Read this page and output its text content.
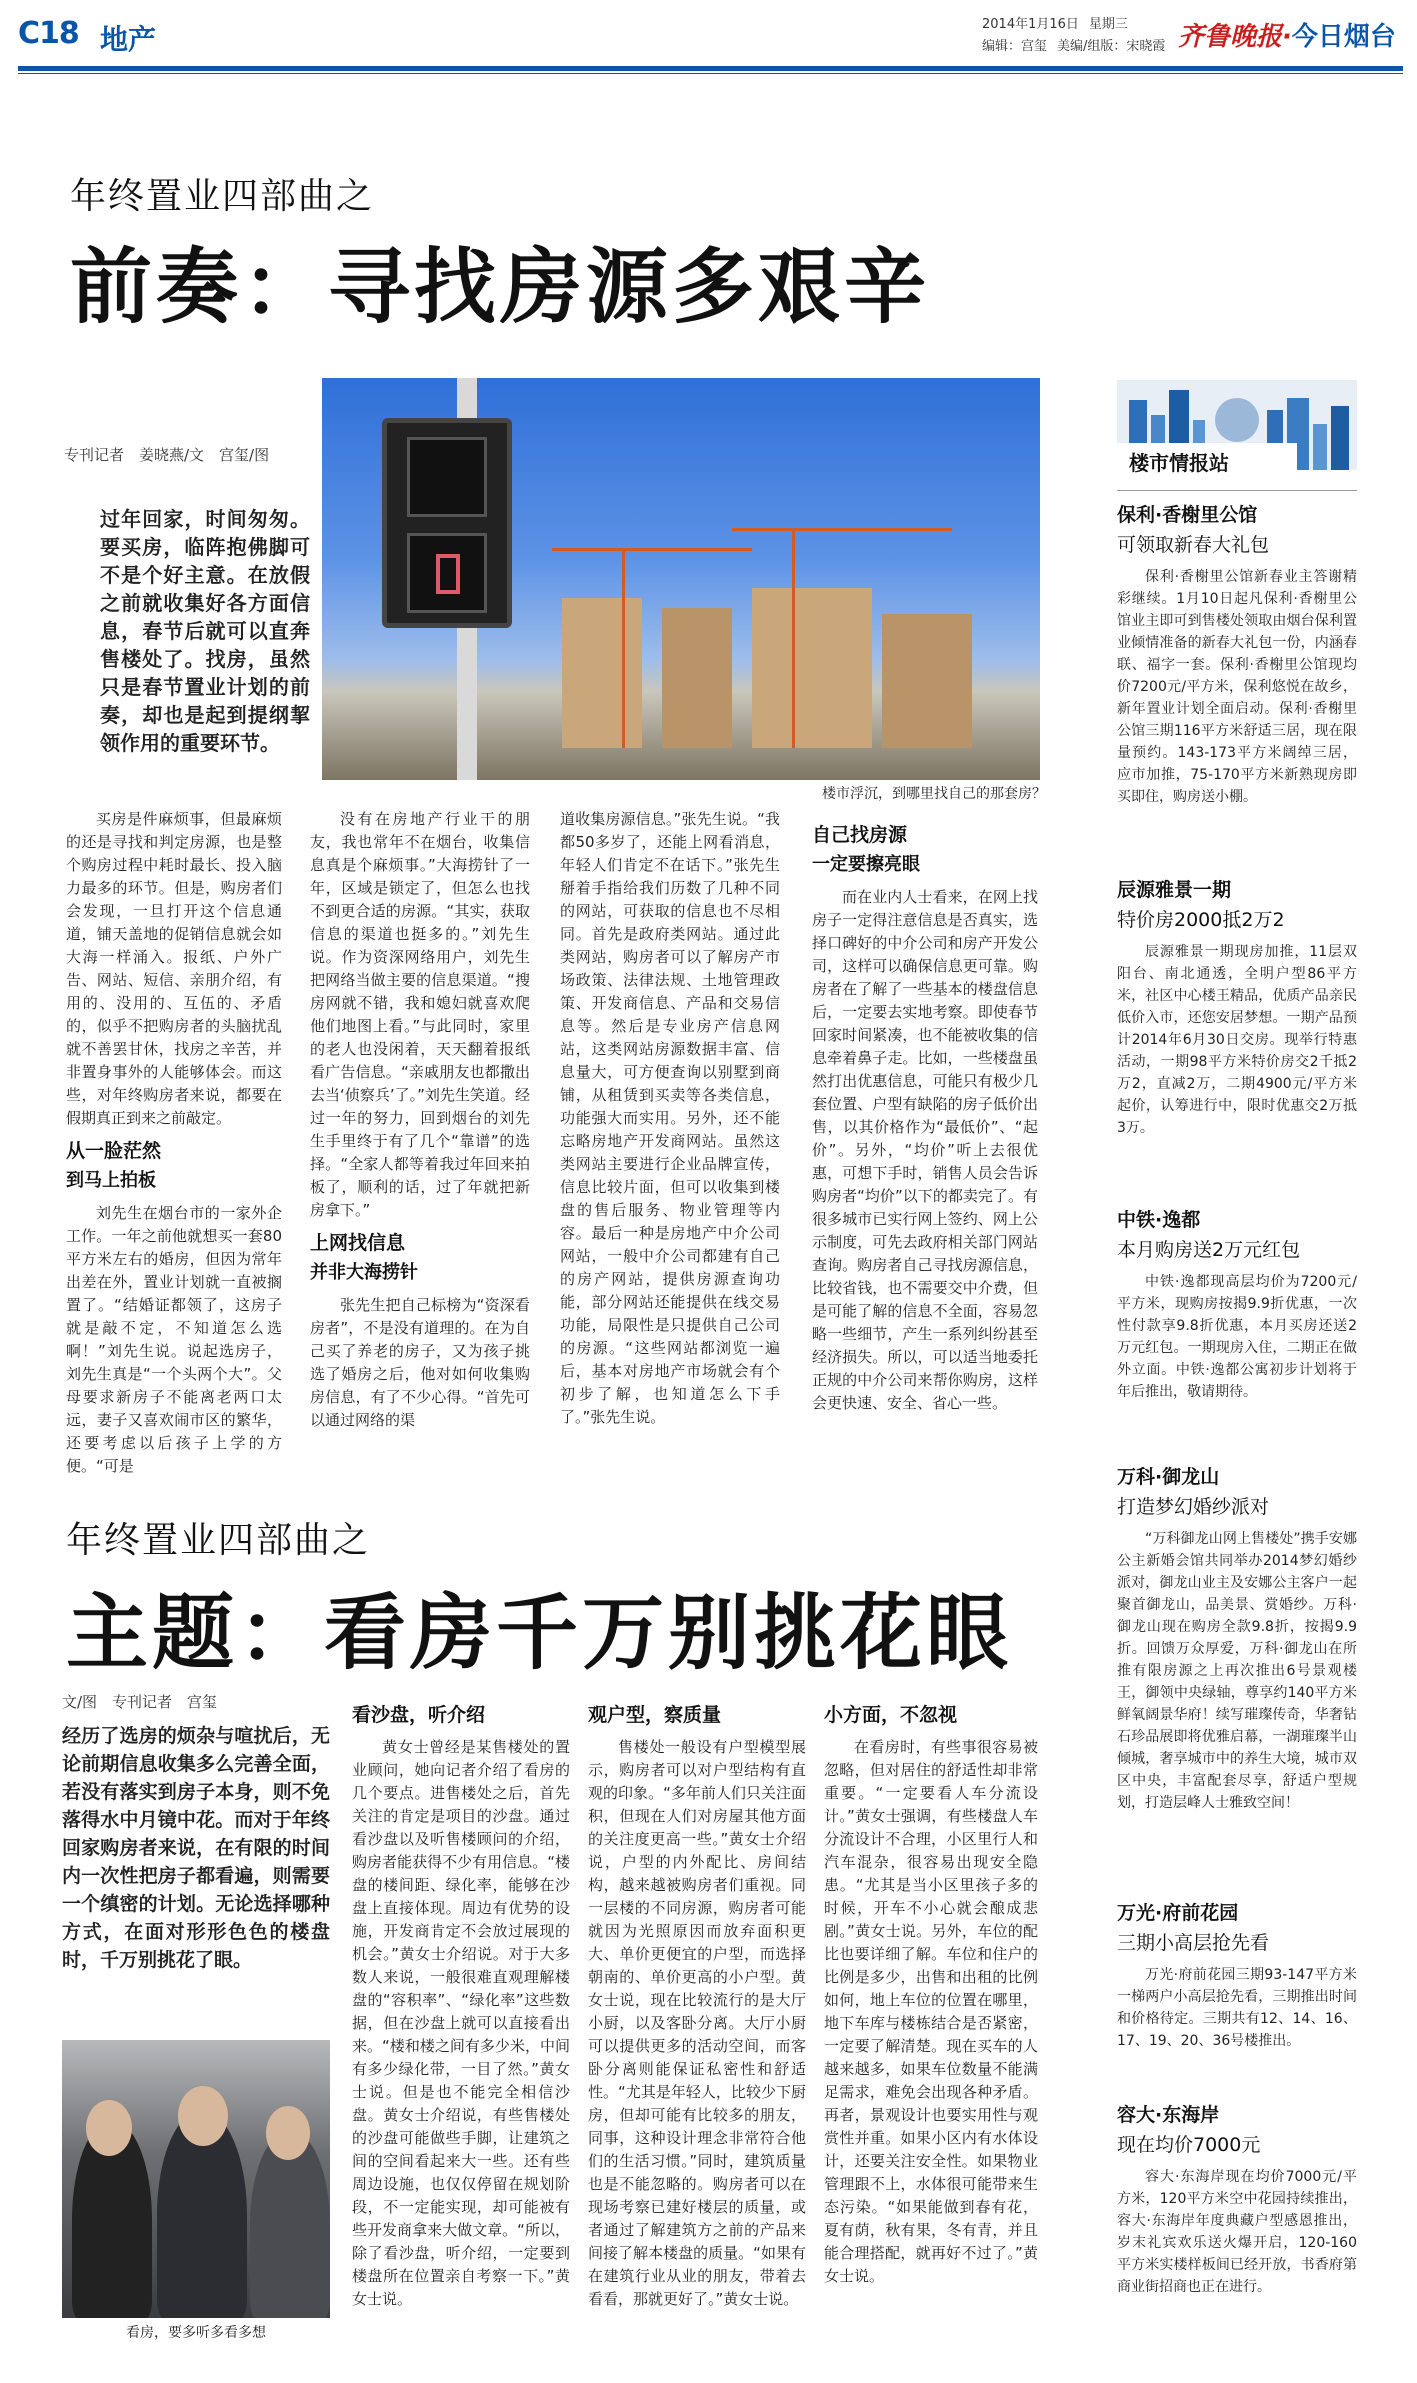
C18 地产	2014年1月16日 星期三
编辑：宫玺 美编/组版：宋晓霞 齐鲁晚报·今日烟台
年终置业四部曲之
前奏：寻找房源多艰辛
专刊记者　姜晓燕/文　宫玺/图
过年回家，时间匆匆。要买房，临阵抱佛脚可不是个好主意。在放假之前就收集好各方面信息，春节后就可以直奔售楼处了。找房，虽然只是春节置业计划的前奏，却也是起到提纲挈领作用的重要环节。
楼市浮沉，到哪里找自己的那套房？

买房是件麻烦事，但最麻烦的还是寻找和判定房源，也是整个购房过程中耗时最长、投入脑力最多的环节。但是，购房者们会发现，一旦打开这个信息通道，铺天盖地的促销信息就会如大海一样涌入。报纸、户外广告、网站、短信、亲朋介绍，有用的、没用的、互伍的、矛盾的，似乎不把购房者的头脑扰乱就不善罢甘休，找房之辛苦，并非置身事外的人能够体会。而这些，对年终购房者来说，都要在假期真正到来之前敲定。

从一脸茫然
到马上拍板

刘先生在烟台市的一家外企工作。一年之前他就想买一套80平方米左右的婚房，但因为常年出差在外，置业计划就一直被搁置了。“结婚证都领了，这房子就是敲不定，不知道怎么选啊！”刘先生说。说起选房子，刘先生真是“一个头两个大”。父母要求新房子不能离老两口太远，妻子又喜欢闹市区的繁华，还要考虑以后孩子上学的方便。“可是

没有在房地产行业干的朋友，我也常年不在烟台，收集信息真是个麻烦事。”大海捞针了一年，区域是锁定了，但怎么也找不到更合适的房源。“其实，获取信息的渠道也挺多的。”刘先生说。作为资深网络用户，刘先生把网络当做主要的信息渠道。“搜房网就不错，我和媳妇就喜欢爬他们地图上看。”与此同时，家里的老人也没闲着，天天翻着报纸看广告信息。“亲戚朋友也都撒出去当‘侦察兵’了。”刘先生笑道。经过一年的努力，回到烟台的刘先生手里终于有了几个“靠谱”的选择。“全家人都等着我过年回来拍板了，顺利的话，过了年就把新房拿下。”

上网找信息
并非大海捞针

张先生把自己标榜为“资深看房者”，不是没有道理的。在为自己买了养老的房子，又为孩子挑选了婚房之后，他对如何收集购房信息，有了不少心得。“首先可以通过网络的渠

道收集房源信息。”张先生说。“我都50多岁了，还能上网看消息，年轻人们肯定不在话下。”张先生掰着手指给我们历数了几种不同的网站，可获取的信息也不尽相同。首先是政府类网站。通过此类网站，购房者可以了解房产市场政策、法律法规、土地管理政策、开发商信息、产品和交易信息等。然后是专业房产信息网站，这类网站房源数据丰富、信息量大，可方便查询以别墅到商铺，从租赁到买卖等各类信息，功能强大而实用。另外，还不能忘略房地产开发商网站。虽然这类网站主要进行企业品牌宣传，信息比较片面，但可以收集到楼盘的售后服务、物业管理等内容。最后一种是房地产中介公司网站，一般中介公司都建有自己的房产网站，提供房源查询功能，部分网站还能提供在线交易功能，局限性是只提供自己公司的房源。“这些网站都浏览一遍后，基本对房地产市场就会有个初步了解，也知道怎么下手了。”张先生说。

自己找房源
一定要擦亮眼

而在业内人士看来，在网上找房子一定得注意信息是否真实，选择口碑好的中介公司和房产开发公司，这样可以确保信息更可靠。购房者在了解了一些基本的楼盘信息后，一定要去实地考察。即使春节回家时间紧凑，也不能被收集的信息牵着鼻子走。比如，一些楼盘虽然打出优惠信息，可能只有极少几套位置、户型有缺陷的房子低价出售，以其价格作为“最低价”、“起价”。另外，“均价”听上去很优惠，可想下手时，销售人员会告诉购房者“均价”以下的都卖完了。有很多城市已实行网上签约、网上公示制度，可先去政府相关部门网站查询。购房者自己寻找房源信息，比较省钱，也不需要交中介费，但是可能了解的信息不全面，容易忽略一些细节，产生一系列纠纷甚至经济损失。所以，可以适当地委托正规的中介公司来帮你购房，这样会更快速、安全、省心一些。

年终置业四部曲之
主题：看房千万别挑花眼
文/图　专刊记者　宫玺
经历了选房的烦杂与喧扰后，无论前期信息收集多么完善全面，若没有落实到房子本身，则不免落得水中月镜中花。而对于年终回家购房者来说，在有限的时间内一次性把房子都看遍，则需要一个缜密的计划。无论选择哪种方式，在面对形形色色的楼盘时，千万别挑花了眼。
看房，要多听多看多想
看沙盘，听介绍

黄女士曾经是某售楼处的置业顾问，她向记者介绍了看房的几个要点。进售楼处之后，首先关注的肯定是项目的沙盘。通过看沙盘以及听售楼顾问的介绍，购房者能获得不少有用信息。“楼盘的楼间距、绿化率，能够在沙盘上直接体现。周边有优势的设施，开发商肯定不会放过展现的机会。”黄女士介绍说。对于大多数人来说，一般很难直观理解楼盘的“容积率”、“绿化率”这些数据，但在沙盘上就可以直接看出来。“楼和楼之间有多少米，中间有多少绿化带，一目了然。”黄女士说。但是也不能完全相信沙盘。黄女士介绍说，有些售楼处的沙盘可能做些手脚，让建筑之间的空间看起来大一些。还有些周边设施，也仅仅停留在规划阶段，不一定能实现，却可能被有些开发商拿来大做文章。“所以，除了看沙盘，听介绍，一定要到楼盘所在位置亲自考察一下。”黄女士说。

观户型，察质量

售楼处一般设有户型模型展示，购房者可以对户型结构有直观的印象。“多年前人们只关注面积，但现在人们对房屋其他方面的关注度更高一些。”黄女士介绍说，户型的内外配比、房间结构，越来越被购房者们重视。同一层楼的不同房源，购房者可能就因为光照原因而放弃面积更大、单价更便宜的户型，而选择朝南的、单价更高的小户型。黄女士说，现在比较流行的是大厅小厨，以及客卧分离。大厅小厨可以提供更多的活动空间，而客卧分离则能保证私密性和舒适性。“尤其是年轻人，比较少下厨房，但却可能有比较多的朋友，同事，这种设计理念非常符合他们的生活习惯。”同时，建筑质量也是不能忽略的。购房者可以在现场考察已建好楼层的质量，或者通过了解建筑方之前的产品来间接了解本楼盘的质量。“如果有在建筑行业从业的朋友，带着去看看，那就更好了。”黄女士说。

小方面，不忽视

在看房时，有些事很容易被忽略，但对居住的舒适性却非常重要。“一定要看人车分流设计。”黄女士强调，有些楼盘人车分流设计不合理，小区里行人和汽车混杂，很容易出现安全隐患。“尤其是当小区里孩子多的时候，开车不小心就会酿成悲剧。”黄女士说。另外，车位的配比也要详细了解。车位和住户的比例是多少，出售和出租的比例如何，地上车位的位置在哪里，地下车库与楼栋结合是否紧密，一定要了解清楚。现在买车的人越来越多，如果车位数量不能满足需求，难免会出现各种矛盾。再者，景观设计也要实用性与观赏性并重。如果小区内有水体设计，还要关注安全性。如果物业管理跟不上，水体很可能带来生态污染。“如果能做到春有花，夏有荫，秋有果，冬有青，并且能合理搭配，就再好不过了。”黄女士说。

楼市情报站
保利·香榭里公馆
可领取新春大礼包

保利·香榭里公馆新春业主答谢精彩继续。1月10日起凡保利·香榭里公馆业主即可到售楼处领取由烟台保利置业倾情准备的新春大礼包一份，内涵春联、福字一套。保利·香榭里公馆现均价7200元/平方米，保利悠悦在故乡，新年置业计划全面启动。保利·香榭里公馆三期116平方米舒适三居，现在限量预约。143-173平方米阔绰三居，应市加推，75-170平方米新熟现房即买即住，购房送小棚。

辰源雅景一期
特价房2000抵2万2

辰源雅景一期现房加推，11层双阳台、南北通透，全明户型86平方米，社区中心楼王精品，优质产品亲民低价入市，还您安居梦想。一期产品预计2014年6月30日交房。现举行特惠活动，一期98平方米特价房交2千抵2万2，直减2万，二期4900元/平方米起价，认筹进行中，限时优惠交2万抵3万。

中铁·逸都
本月购房送2万元红包

中铁·逸都现高层均价为7200元/平方米，现购房按揭9.9折优惠，一次性付款享9.8折优惠，本月买房还送2万元红包。一期现房入住，二期正在做外立面。中铁·逸都公寓初步计划将于年后推出，敬请期待。

万科·御龙山
打造梦幻婚纱派对

“万科御龙山网上售楼处”携手安娜公主新婚会馆共同举办2014梦幻婚纱派对，御龙山业主及安娜公主客户一起聚首御龙山，品美景、赏婚纱。万科·御龙山现在购房全款9.8折，按揭9.9折。回馈万众厚爱，万科·御龙山在所推有限房源之上再次推出6号景观楼王，御领中央绿轴，尊享约140平方米鲜氧阔景华府！续写璀璨传奇，华奢钻石珍品展即将优雅启幕，一湖璀璨半山倾城，奢享城市中的养生大境，城市双区中央，丰富配套尽享，舒适户型规划，打造层峰人士雅致空间！

万光·府前花园
三期小高层抢先看

万光·府前花园三期93-147平方米一梯两户小高层抢先看，三期推出时间和价格待定。三期共有12、14、16、17、19、20、36号楼推出。

容大·东海岸
现在均价7000元

容大·东海岸现在均价7000元/平方米，120平方米空中花园持续推出，容大·东海岸年度典藏户型感恩推出，岁末礼宾欢乐送火爆开启，120-160平方米实楼样板间已经开放，书香府第商业街招商也正在进行。
